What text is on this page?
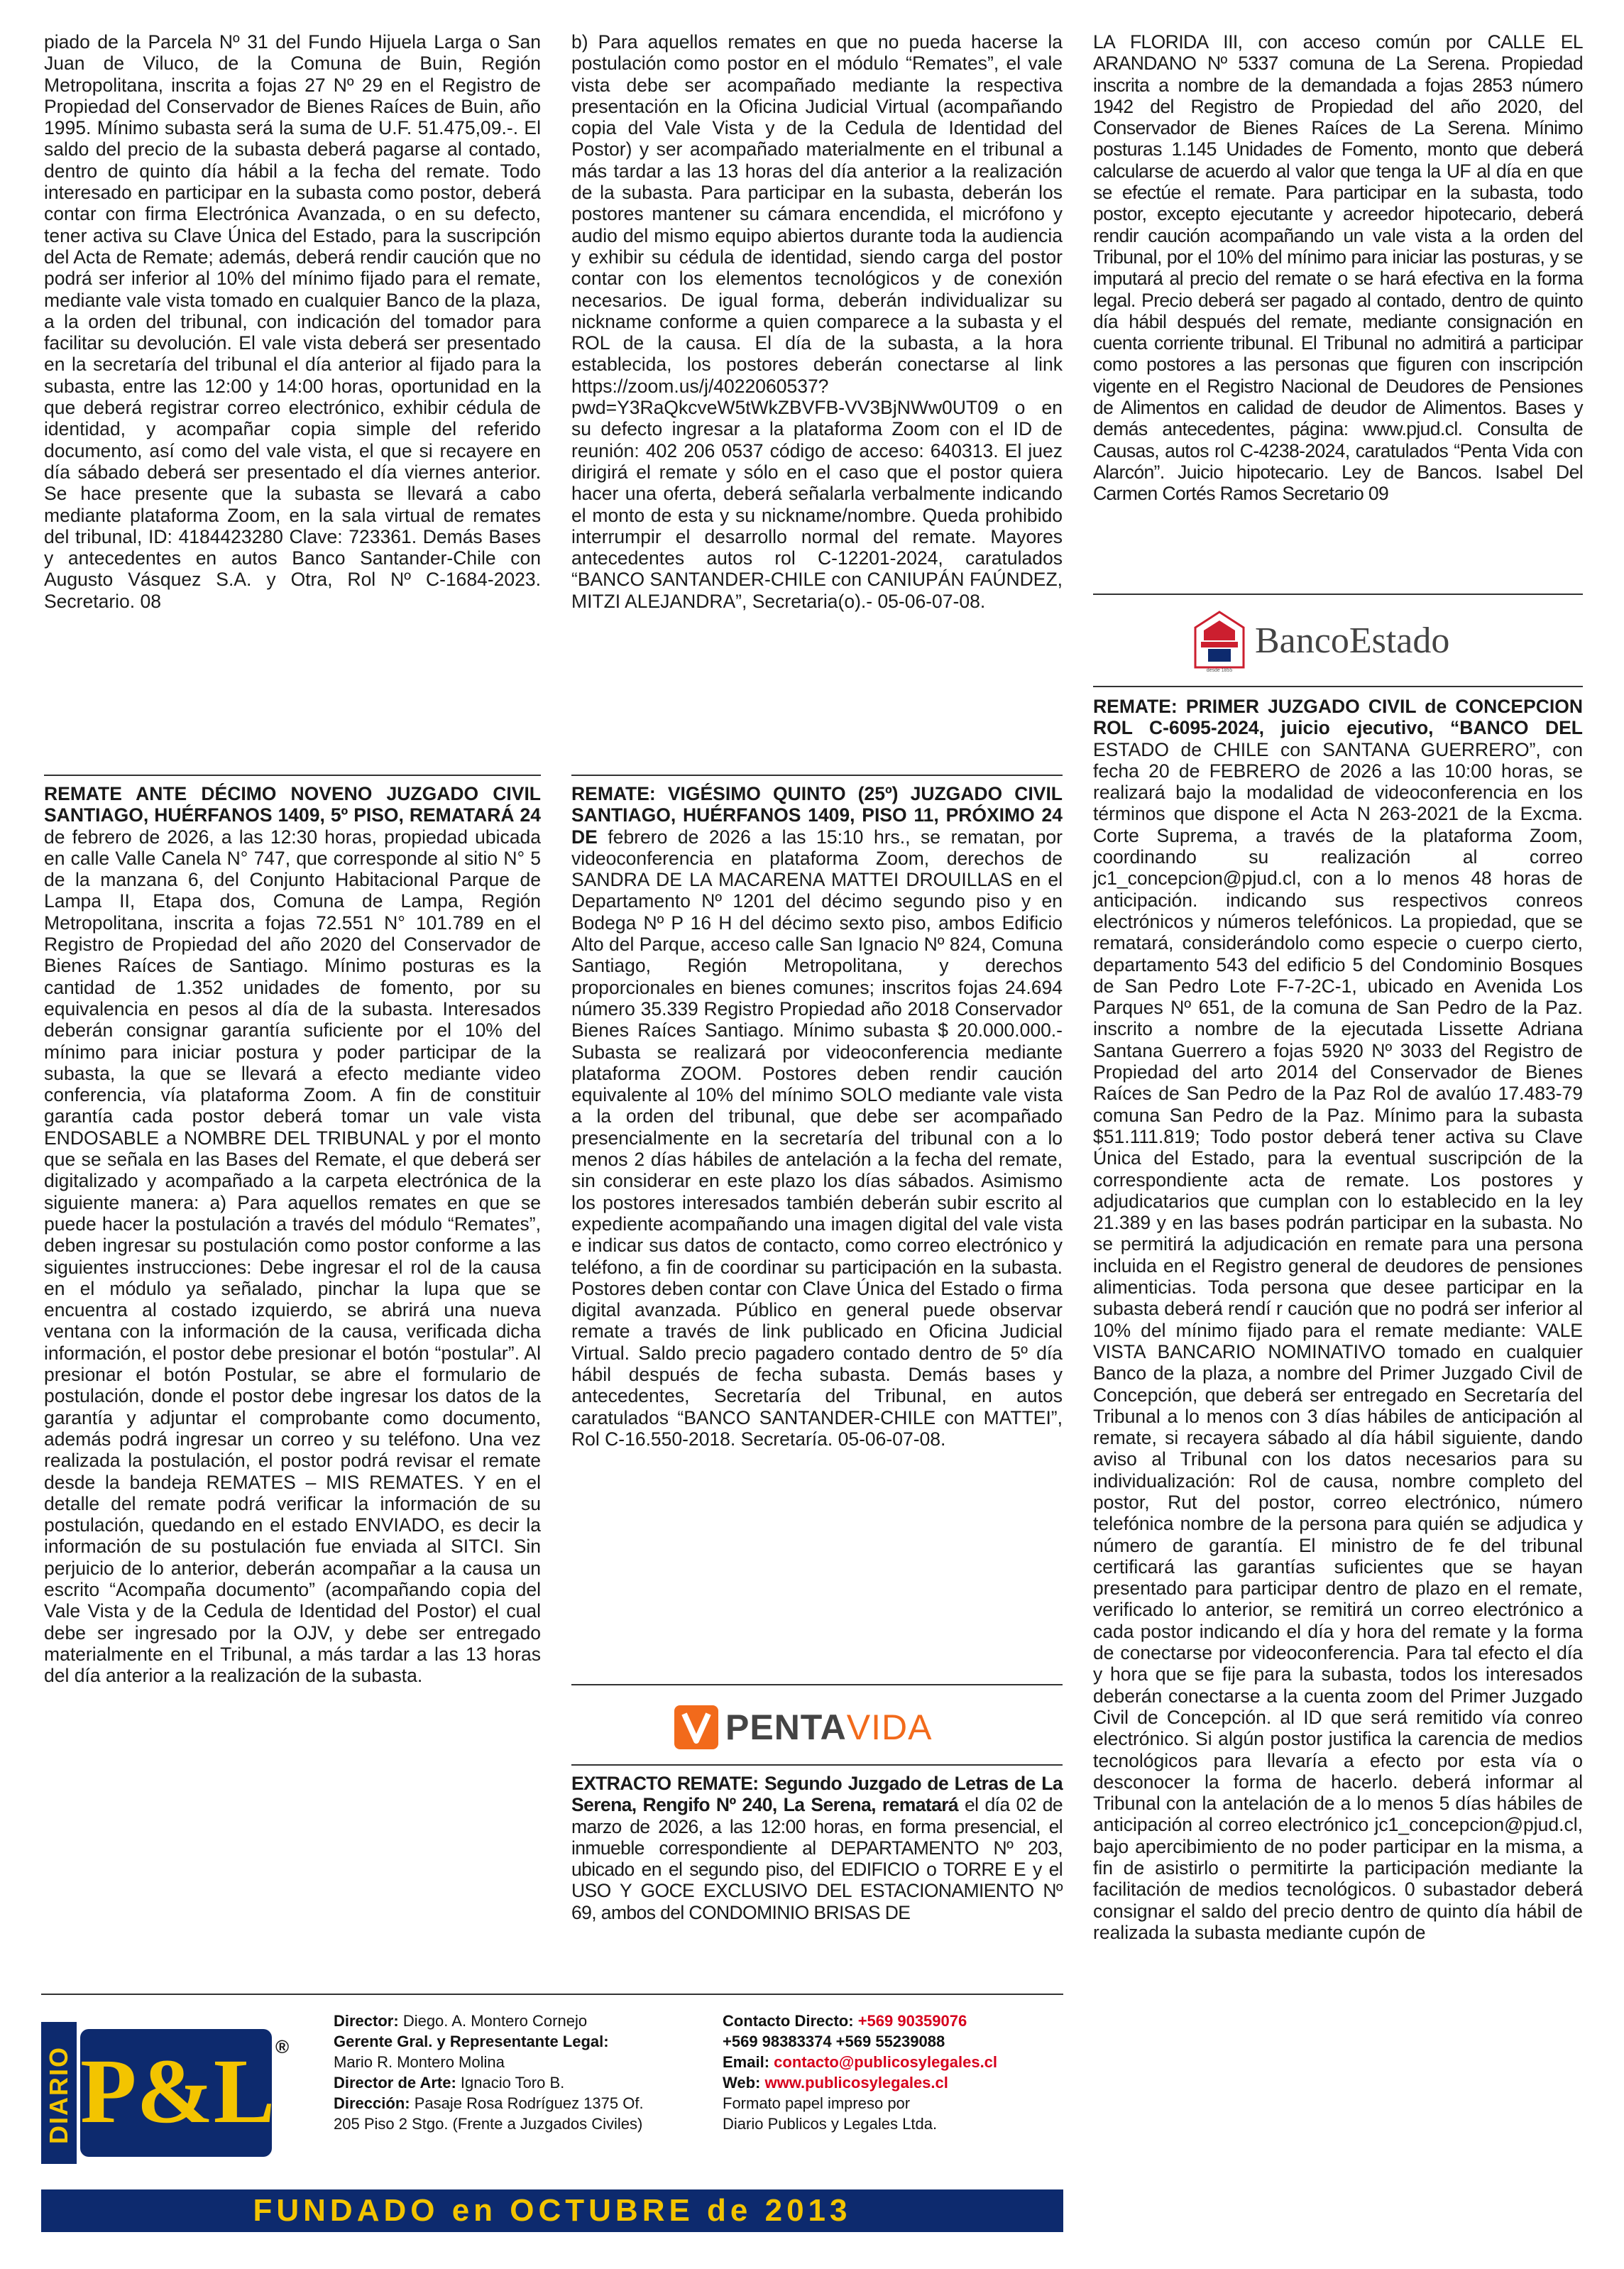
piado de la Parcela Nº 31 del Fundo Hijuela Larga o San Juan de Viluco, de la Comuna de Buin, Región Metropolitana, inscrita a fojas 27 Nº 29 en el Registro de Propiedad del Conservador de Bienes Raíces de Buin, año 1995. Mínimo subasta será la suma de U.F. 51.475,09.-. El saldo del precio de la subasta deberá pagarse al contado, dentro de quinto día hábil a la fecha del remate. Todo interesado en participar en la subasta como postor, deberá contar con firma Electrónica Avanzada, o en su defecto, tener activa su Clave Única del Estado, para la suscripción del Acta de Remate; además, deberá rendir caución que no podrá ser inferior al 10% del mínimo fijado para el remate, mediante vale vista tomado en cualquier Banco de la plaza, a la orden del tribunal, con indicación del tomador para facilitar su devolución. El vale vista deberá ser presentado en la secretaría del tribunal el día anterior al fijado para la subasta, entre las 12:00 y 14:00 horas, oportunidad en la que deberá registrar correo electrónico, exhibir cédula de identidad, y acompañar copia simple del referido documento, así como del vale vista, el que si recayere en día sábado deberá ser presentado el día viernes anterior. Se hace presente que la subasta se llevará a cabo mediante plataforma Zoom, en la sala virtual de remates del tribunal, ID: 4184423280 Clave: 723361. Demás Bases y antecedentes en autos Banco Santander-Chile con Augusto Vásquez S.A. y Otra, Rol Nº C-1684-2023. Secretario. 08

REMATE ANTE DÉCIMO NOVENO JUZGADO CIVIL SANTIAGO, HUÉRFANOS 1409, 5º PISO, REMATARÁ 24 de febrero de 2026, a las 12:30 horas, propiedad ubicada en calle Valle Canela N° 747, que corresponde al sitio N° 5 de la manzana 6, del Conjunto Habitacional Parque de Lampa II, Etapa dos, Comuna de Lampa, Región Metropolitana, inscrita a fojas 72.551 N° 101.789 en el Registro de Propiedad del año 2020 del Conservador de Bienes Raíces de Santiago. Mínimo posturas es la cantidad de 1.352 unidades de fomento, por su equivalencia en pesos al día de la subasta. Interesados deberán consignar garantía suficiente por el 10% del mínimo para iniciar postura y poder participar de la subasta, la que se llevará a efecto mediante video conferencia, vía plataforma Zoom. A fin de constituir garantía cada postor deberá tomar un vale vista ENDOSABLE a NOMBRE DEL TRIBUNAL y por el monto que se señala en las Bases del Remate, el que deberá ser digitalizado y acompañado a la carpeta electrónica de la siguiente manera: a) Para aquellos remates en que se puede hacer la postulación a través del módulo “Remates”, deben ingresar su postulación como postor conforme a las siguientes instrucciones: Debe ingresar el rol de la causa en el módulo ya señalado, pinchar la lupa que se encuentra al costado izquierdo, se abrirá una nueva ventana con la información de la causa, verificada dicha información, el postor debe presionar el botón “postular”. Al presionar el botón Postular, se abre el formulario de postulación, donde el postor debe ingresar los datos de la garantía y adjuntar el comprobante como documento, además podrá ingresar un correo y su teléfono. Una vez realizada la postulación, el postor podrá revisar el remate desde la bandeja REMATES – MIS REMATES. Y en el detalle del remate podrá verificar la información de su postulación, quedando en el estado ENVIADO, es decir la información de su postulación fue enviada al SITCI. Sin perjuicio de lo anterior, deberán acompañar a la causa un escrito “Acompaña documento” (acompañando copia del Vale Vista y de la Cedula de Identidad del Postor) el cual debe ser ingresado por la OJV, y debe ser entregado materialmente en el Tribunal, a más tardar a las 13 horas del día anterior a la realización de la subasta.

b) Para aquellos remates en que no pueda hacerse la postulación como postor en el módulo “Remates”, el vale vista debe ser acompañado mediante la respectiva presentación en la Oficina Judicial Virtual (acompañando copia del Vale Vista y de la Cedula de Identidad del Postor) y ser acompañado materialmente en el tribunal a más tardar a las 13 horas del día anterior a la realización de la subasta. Para participar en la subasta, deberán los postores mantener su cámara encendida, el micrófono y audio del mismo equipo abiertos durante toda la audiencia y exhibir su cédula de identidad, siendo carga del postor contar con los elementos tecnológicos y de conexión necesarios. De igual forma, deberán individualizar su nickname conforme a quien comparece a la subasta y el ROL de la causa. El día de la subasta, a la hora establecida, los postores deberán conectarse al link https://zoom.us/j/4022060537?pwd=Y3RaQkcveW5tWkZBVFB-VV3BjNWw0UT09 o en su defecto ingresar a la plataforma Zoom con el ID de reunión: 402 206 0537 código de acceso: 640313. El juez dirigirá el remate y sólo en el caso que el postor quiera hacer una oferta, deberá señalarla verbalmente indicando el monto de esta y su nickname/nombre. Queda prohibido interrumpir el desarrollo normal del remate. Mayores antecedentes autos rol C-12201-2024, caratulados “BANCO SANTANDER-CHILE con CANIUPÁN FAÚNDEZ, MITZI ALEJANDRA”, Secretaria(o).- 05-06-07-08.

REMATE: VIGÉSIMO QUINTO (25º) JUZGADO CIVIL SANTIAGO, HUÉRFANOS 1409, PISO 11, PRÓXIMO 24 DE febrero de 2026 a las 15:10 hrs., se rematan, por videoconferencia en plataforma Zoom, derechos de SANDRA DE LA MACARENA MATTEI DROUILLAS en el Departamento Nº 1201 del décimo segundo piso y en Bodega Nº P 16 H del décimo sexto piso, ambos Edificio Alto del Parque, acceso calle San Ignacio Nº 824, Comuna Santiago, Región Metropolitana, y derechos proporcionales en bienes comunes; inscritos fojas 24.694 número 35.339 Registro Propiedad año 2018 Conservador Bienes Raíces Santiago. Mínimo subasta $ 20.000.000.- Subasta se realizará por videoconferencia mediante plataforma ZOOM. Postores deben rendir caución equivalente al 10% del mínimo SOLO mediante vale vista a la orden del tribunal, que debe ser acompañado presencialmente en la secretaría del tribunal con a lo menos 2 días hábiles de antelación a la fecha del remate, sin considerar en este plazo los días sábados. Asimismo los postores interesados también deberán subir escrito al expediente acompañando una imagen digital del vale vista e indicar sus datos de contacto, como correo electrónico y teléfono, a fin de coordinar su participación en la subasta. Postores deben contar con Clave Única del Estado o firma digital avanzada. Público en general puede observar remate a través de link publicado en Oficina Judicial Virtual. Saldo precio pagadero contado dentro de 5º día hábil después de fecha subasta. Demás bases y antecedentes, Secretaría del Tribunal, en autos caratulados “BANCO SANTANDER-CHILE con MATTEI”, Rol C-16.550-2018. Secretaría. 05-06-07-08.

PENTA VIDA

EXTRACTO REMATE: Segundo Juzgado de Letras de La Serena, Rengifo Nº 240, La Serena, rematará el día 02 de marzo de 2026, a las 12:00 horas, en forma presencial, el inmueble correspondiente al DEPARTAMENTO Nº 203, ubicado en el segundo piso, del EDIFICIO o TORRE E y el USO Y GOCE EXCLUSIVO DEL ESTACIONAMIENTO Nº 69, ambos del CONDOMINIO BRISAS DE

LA FLORIDA III, con acceso común por CALLE EL ARANDANO Nº 5337 comuna de La Serena. Propiedad inscrita a nombre de la demandada a fojas 2853 número 1942 del Registro de Propiedad del año 2020, del Conservador de Bienes Raíces de La Serena. Mínimo posturas 1.145 Unidades de Fomento, monto que deberá calcularse de acuerdo al valor que tenga la UF al día en que se efectúe el remate. Para participar en la subasta, todo postor, excepto ejecutante y acreedor hipotecario, deberá rendir caución acompañando un vale vista a la orden del Tribunal, por el 10% del mínimo para iniciar las posturas, y se imputará al precio del remate o se hará efectiva en la forma legal. Precio deberá ser pagado al contado, dentro de quinto día hábil después del remate, mediante consignación en cuenta corriente tribunal. El Tribunal no admitirá a participar como postores a las personas que figuren con inscripción vigente en el Registro Nacional de Deudores de Pensiones de Alimentos en calidad de deudor de Alimentos. Bases y demás antecedentes, página: www.pjud.cl. Consulta de Causas, autos rol C-4238-2024, caratulados “Penta Vida con Alarcón”. Juicio hipotecario. Ley de Bancos. Isabel Del Carmen Cortés Ramos Secretario 09

desde 1855
BancoEstado

REMATE: PRIMER JUZGADO CIVIL de CONCEPCION ROL C-6095-2024, juicio ejecutivo, “BANCO DEL ESTADO de CHILE con SANTANA GUERRERO”, con fecha 20 de FEBRERO de 2026 a las 10:00 horas, se realizará bajo la modalidad de videoconferencia en los términos que dispone el Acta N 263-2021 de la Excma. Corte Suprema, a través de la plataforma Zoom, coordinando su realización al correo jc1_concepcion@pjud.cl, con a lo menos 48 horas de anticipación. indicando sus respectivos conreos electrónicos y números telefónicos. La propiedad, que se rematará, considerándolo como especie o cuerpo cierto, departamento 543 del edificio 5 del Condominio Bosques de San Pedro Lote F-7-2C-1, ubicado en Avenida Los Parques Nº 651, de la comuna de San Pedro de la Paz. inscrito a nombre de la ejecutada Lissette Adriana Santana Guerrero a fojas 5920 Nº 3033 del Registro de Propiedad del arto 2014 del Conservador de Bienes Raíces de San Pedro de la Paz Rol de avalúo 17.483-79 comuna San Pedro de la Paz. Mínimo para la subasta $51.111.819; Todo postor deberá tener activa su Clave Única del Estado, para la eventual suscripción de la correspondiente acta de remate. Los postores y adjudicatarios que cumplan con lo establecido en la ley 21.389 y en las bases podrán participar en la subasta. No se permitirá la adjudicación en remate para una persona incluida en el Registro general de deudores de pensiones alimenticias. Toda persona que desee participar en la subasta deberá rendí r caución que no podrá ser inferior al 10% del mínimo fijado para el remate mediante: VALE VISTA BANCARIO NOMINATIVO tomado en cualquier Banco de la plaza, a nombre del Primer Juzgado Civil de Concepción, que deberá ser entregado en Secretaría del Tribunal a lo menos con 3 días hábiles de anticipación al remate, si recayera sábado al día hábil siguiente, dando aviso al Tribunal con los datos necesarios para su individualización: Rol de causa, nombre completo del postor, Rut del postor, correo electrónico, número telefónica nombre de la persona para quién se adjudica y número de garantía. El ministro de fe del tribunal certificará las garantías suficientes que se hayan presentado para participar dentro de plazo en el remate, verificado lo anterior, se remitirá un correo electrónico a cada postor indicando el día y hora del remate y la forma de conectarse por videoconferencia. Para tal efecto el día y hora que se fije para la subasta, todos los interesados deberán conectarse a la cuenta zoom del Primer Juzgado Civil de Concepción. al ID que será remitido vía conreo electrónico. Si algún postor justifica la carencia de medios tecnológicos para llevaría a efecto por esta vía o desconocer la forma de hacerlo. deberá informar al Tribunal con la antelación de a lo menos 5 días hábiles de anticipación al correo electrónico jc1_concepcion@pjud.cl, bajo apercibimiento de no poder participar en la misma, a fin de asistirlo o permitirte la participación mediante la facilitación de medios tecnológicos. 0 subastador deberá consignar el saldo del precio dentro de quinto día hábil de realizada la subasta mediante cupón de

DIARIO P&L ®
Director: Diego. A. Montero Cornejo
Gerente Gral. y Representante Legal:
Mario R. Montero Molina
Director de Arte: Ignacio Toro B.
Dirección: Pasaje Rosa Rodríguez 1375 Of.
205 Piso 2 Stgo. (Frente a Juzgados Civiles)
Contacto Directo: +569 90359076
+569 98383374 +569 55239088
Email: contacto@publicosylegales.cl
Web: www.publicosylegales.cl
Formato papel impreso por
Diario Publicos y Legales Ltda.
FUNDADO en OCTUBRE de 2013
